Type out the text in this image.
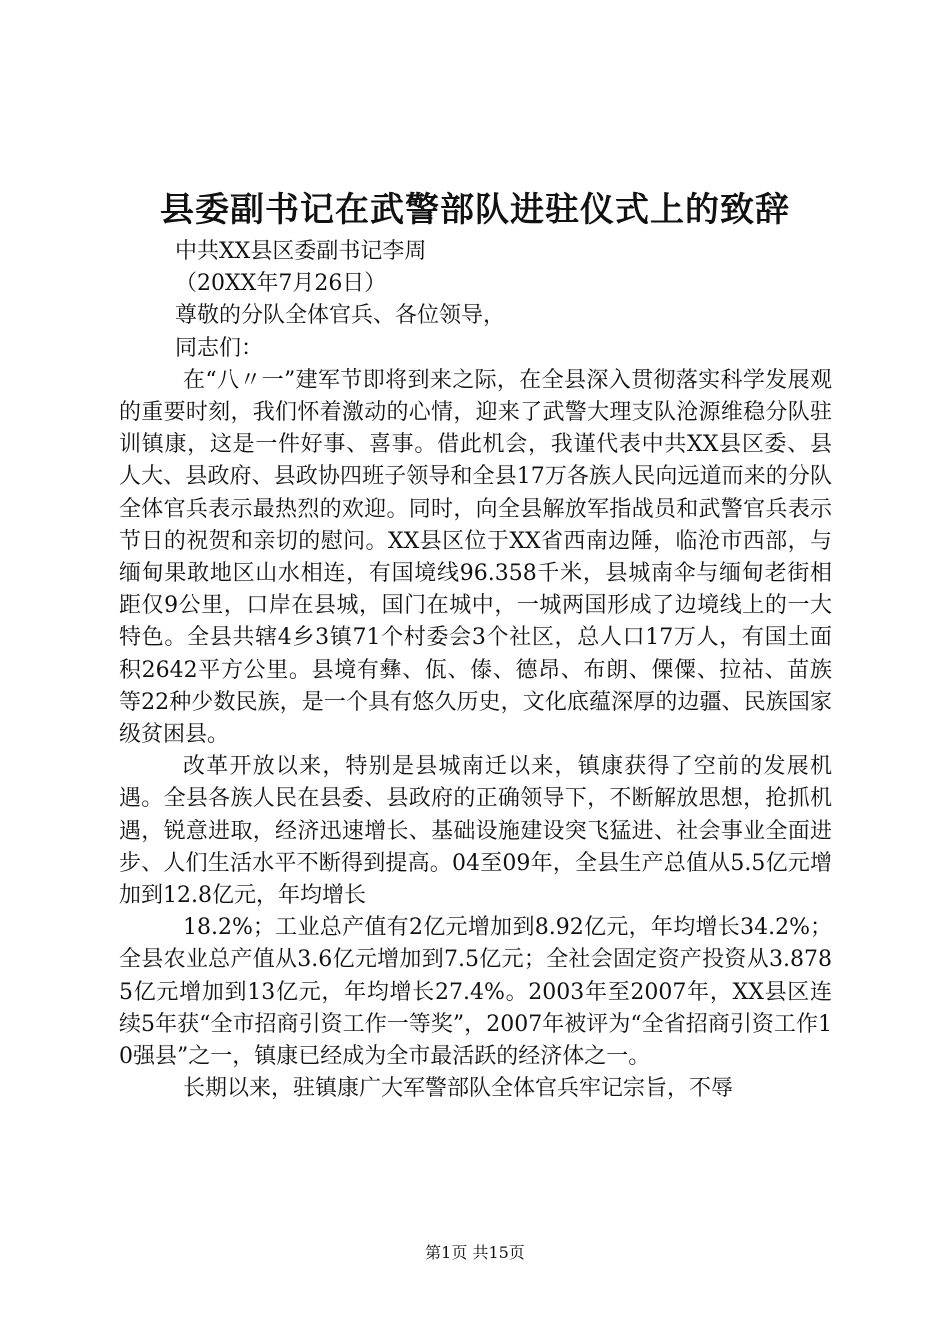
县委副书记在武警部队进驻仪式上的致辞

中共XX县区委副书记李周

（20XX年7月26日）

尊敬的分队全体官兵、各位领导，

同志们：

在“八〃一”建军节即将到来之际，在全县深入贯彻落实科学发展观的重要时刻，我们怀着激动的心情，迎来了武警大理支队沧源维稳分队驻训镇康，这是一件好事、喜事。借此机会，我谨代表中共XX县区委、县人大、县政府、县政协四班子领导和全县17万各族人民向远道而来的分队全体官兵表示最热烈的欢迎。同时，向全县解放军指战员和武警官兵表示节日的祝贺和亲切的慰问。XX县区位于XX省西南边陲，临沧市西部，与缅甸果敢地区山水相连，有国境线96.358千米，县城南伞与缅甸老街相距仅9公里，口岸在县城，国门在城中，一城两国形成了边境线上的一大特色。全县共辖4乡3镇71个村委会3个社区，总人口17万人，有国土面积2642平方公里。县境有彝、佤、傣、德昂、布朗、傈僳、拉祜、苗族等22种少数民族，是一个具有悠久历史，文化底蕴深厚的边疆、民族国家级贫困县。

改革开放以来，特别是县城南迁以来，镇康获得了空前的发展机遇。全县各族人民在县委、县政府的正确领导下，不断解放思想，抢抓机遇，锐意进取，经济迅速增长、基础设施建设突飞猛进、社会事业全面进步、人们生活水平不断得到提高。04至09年，全县生产总值从5.5亿元增加到12.8亿元，年均增长

18.2%；工业总产值有2亿元增加到8.92亿元，年均增长34.2%；全县农业总产值从3.6亿元增加到7.5亿元；全社会固定资产投资从3.8785亿元增加到13亿元，年均增长27.4%。2003年至2007年，XX县区连续5年获“全市招商引资工作一等奖”，2007年被评为“全省招商引资工作10强县”之一，镇康已经成为全市最活跃的经济体之一。

长期以来，驻镇康广大军警部队全体官兵牢记宗旨，不辱

第1页 共15页
